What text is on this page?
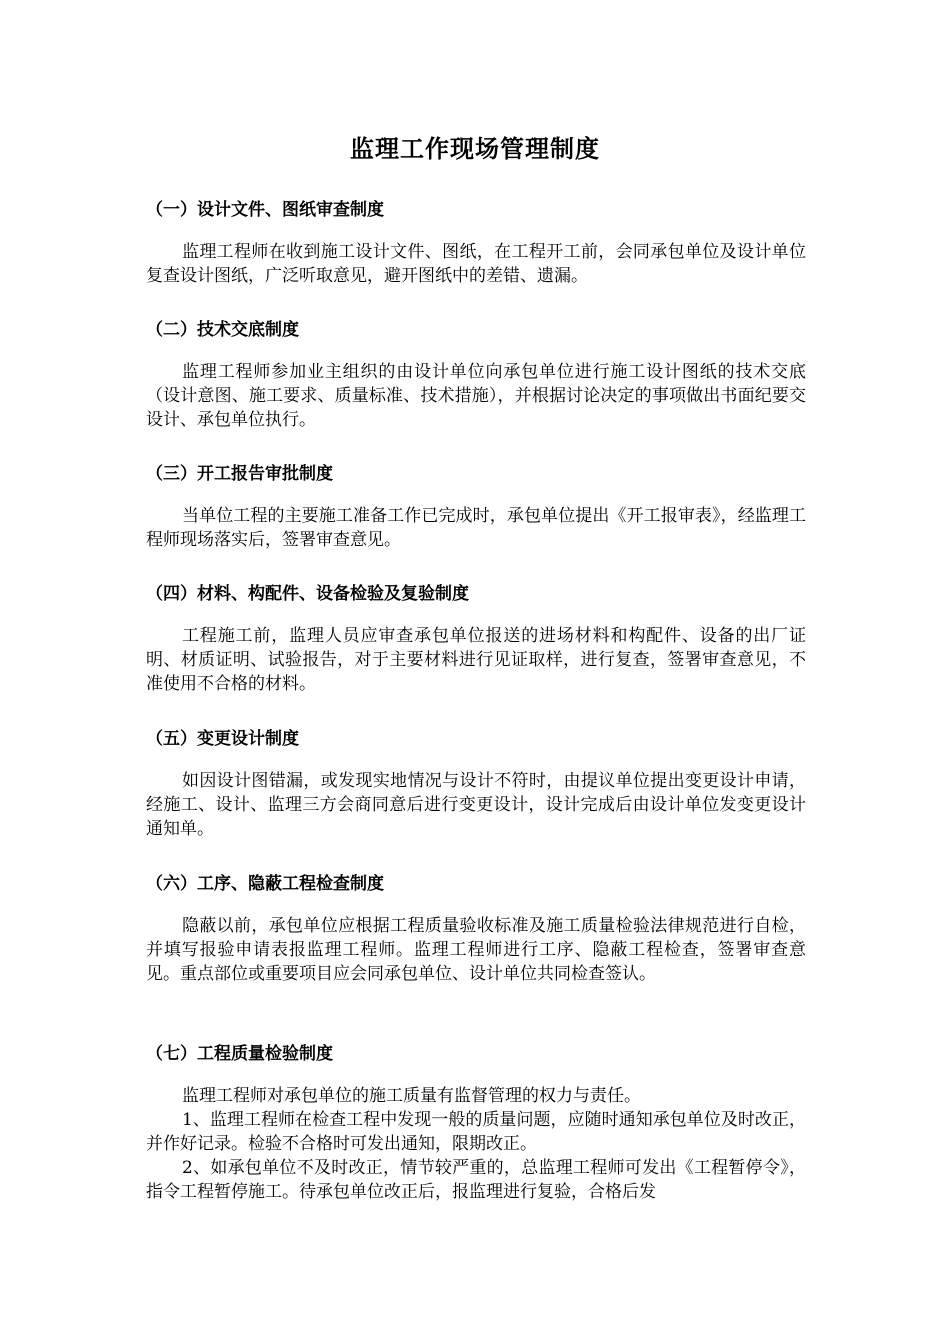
监理工作现场管理制度
（一）设计文件、图纸审查制度

监理工程师在收到施工设计文件、图纸，在工程开工前，会同承包单位及设计单位复查设计图纸，广泛听取意见，避开图纸中的差错、遗漏。

（二）技术交底制度

监理工程师参加业主组织的由设计单位向承包单位进行施工设计图纸的技术交底（设计意图、施工要求、质量标准、技术措施），并根据讨论决定的事项做出书面纪要交设计、承包单位执行。

（三）开工报告审批制度

当单位工程的主要施工准备工作已完成时，承包单位提出《开工报审表》，经监理工程师现场落实后，签署审查意见。

（四）材料、构配件、设备检验及复验制度

工程施工前，监理人员应审查承包单位报送的进场材料和构配件、设备的出厂证明、材质证明、试验报告，对于主要材料进行见证取样，进行复查，签署审查意见，不准使用不合格的材料。

（五）变更设计制度

如因设计图错漏，或发现实地情况与设计不符时，由提议单位提出变更设计申请，经施工、设计、监理三方会商同意后进行变更设计，设计完成后由设计单位发变更设计通知单。

（六）工序、隐蔽工程检查制度

隐蔽以前，承包单位应根据工程质量验收标准及施工质量检验法律规范进行自检，并填写报验申请表报监理工程师。监理工程师进行工序、隐蔽工程检查，签署审查意见。重点部位或重要项目应会同承包单位、设计单位共同检查签认。

（七）工程质量检验制度

监理工程师对承包单位的施工质量有监督管理的权力与责任。

1、监理工程师在检查工程中发现一般的质量问题，应随时通知承包单位及时改正，并作好记录。检验不合格时可发出通知，限期改正。

2、如承包单位不及时改正，情节较严重的，总监理工程师可发出《工程暂停令》，指令工程暂停施工。待承包单位改正后，报监理进行复验，合格后发
